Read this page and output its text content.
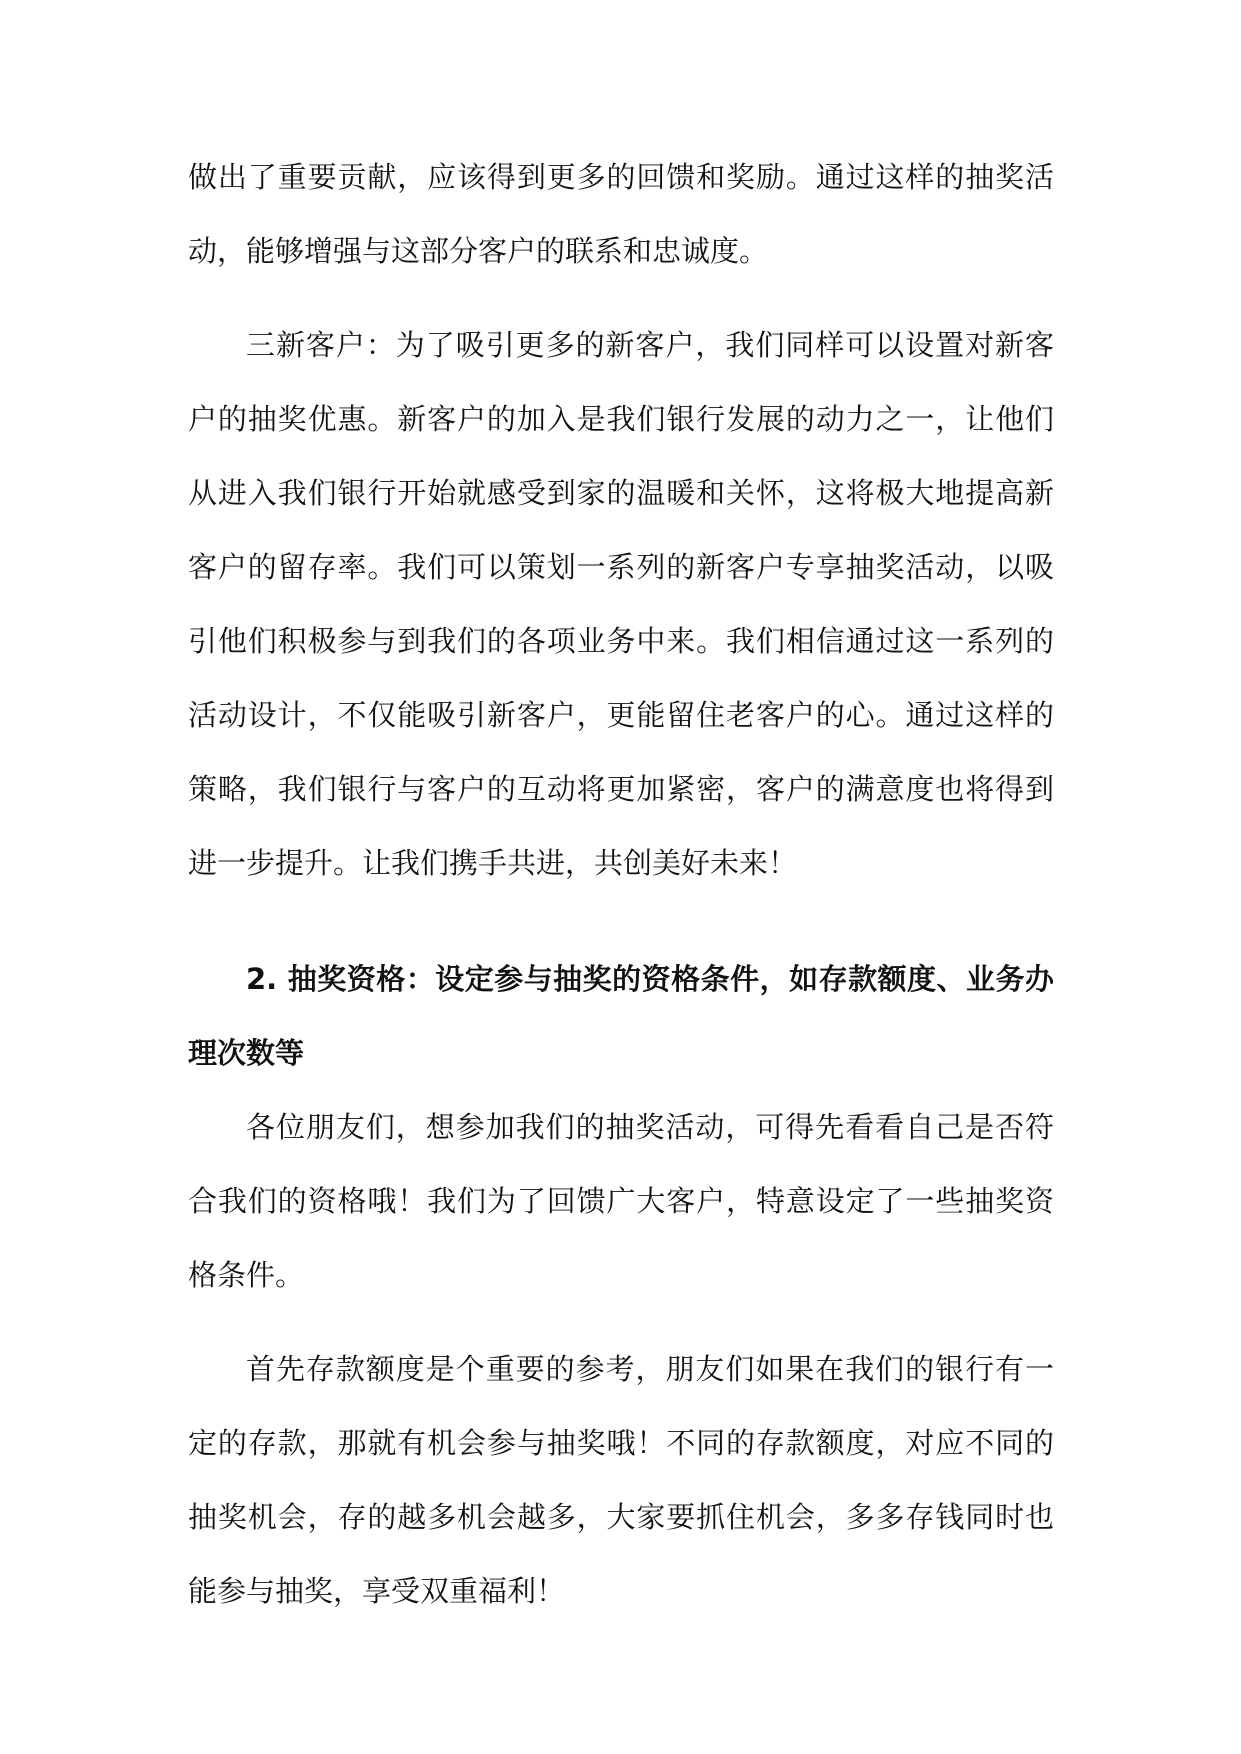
做出了重要贡献，应该得到更多的回馈和奖励。通过这样的抽奖活动，能够增强与这部分客户的联系和忠诚度。

三新客户：为了吸引更多的新客户，我们同样可以设置对新客户的抽奖优惠。新客户的加入是我们银行发展的动力之一，让他们从进入我们银行开始就感受到家的温暖和关怀，这将极大地提高新客户的留存率。我们可以策划一系列的新客户专享抽奖活动，以吸引他们积极参与到我们的各项业务中来。我们相信通过这一系列的活动设计，不仅能吸引新客户，更能留住老客户的心。通过这样的策略，我们银行与客户的互动将更加紧密，客户的满意度也将得到进一步提升。让我们携手共进，共创美好未来！

2. 抽奖资格：设定参与抽奖的资格条件，如存款额度、业务办理次数等

各位朋友们，想参加我们的抽奖活动，可得先看看自己是否符合我们的资格哦！我们为了回馈广大客户，特意设定了一些抽奖资格条件。

首先存款额度是个重要的参考，朋友们如果在我们的银行有一定的存款，那就有机会参与抽奖哦！不同的存款额度，对应不同的抽奖机会，存的越多机会越多，大家要抓住机会，多多存钱同时也能参与抽奖，享受双重福利！
